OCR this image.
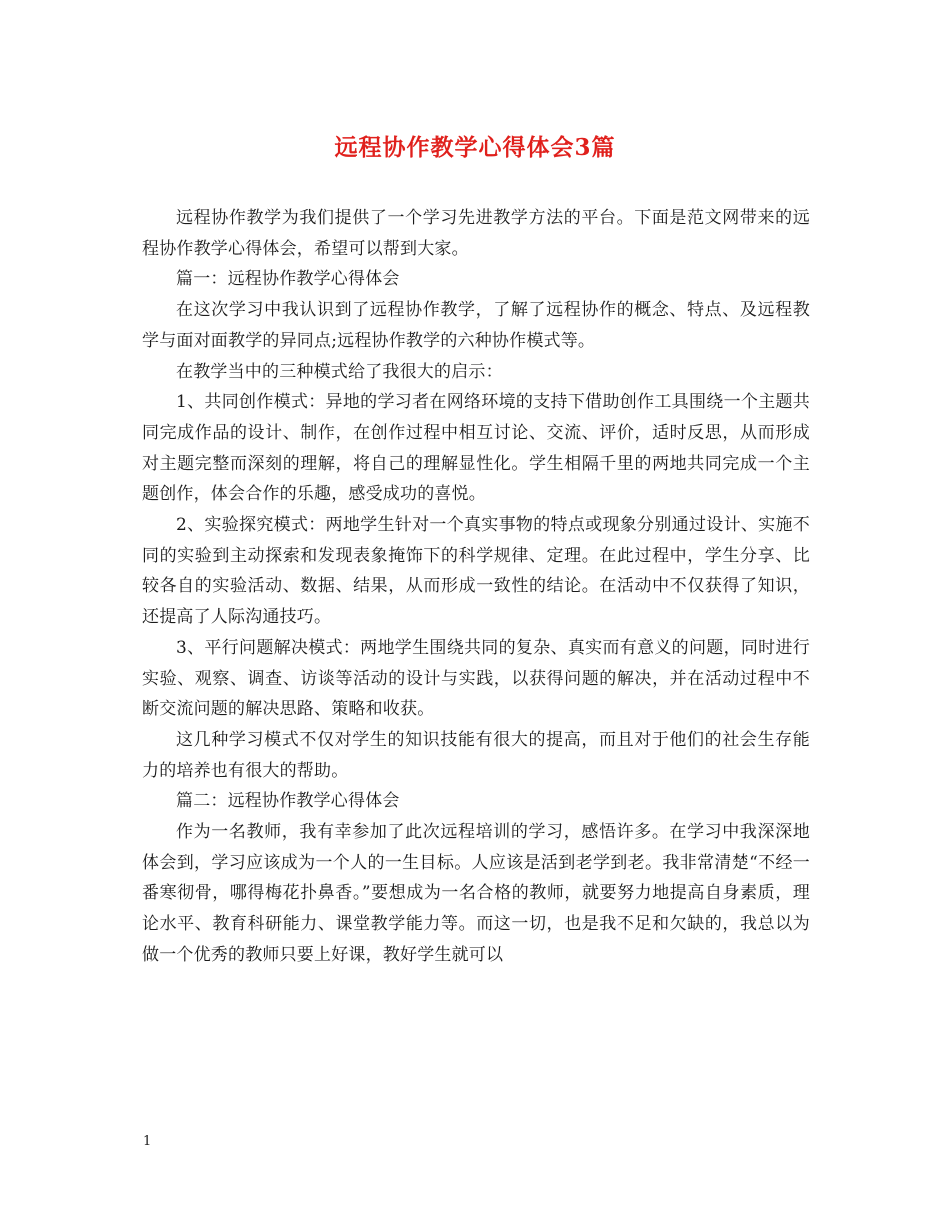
远程协作教学心得体会3篇

远程协作教学为我们提供了一个学习先进教学方法的平台。下面是范文网带来的远程协作教学心得体会，希望可以帮到大家。

篇一：远程协作教学心得体会

在这次学习中我认识到了远程协作教学，了解了远程协作的概念、特点、及远程教学与面对面教学的异同点;远程协作教学的六种协作模式等。

在教学当中的三种模式给了我很大的启示：

1、共同创作模式：异地的学习者在网络环境的支持下借助创作工具围绕一个主题共同完成作品的设计、制作，在创作过程中相互讨论、交流、评价，适时反思，从而形成对主题完整而深刻的理解，将自己的理解显性化。学生相隔千里的两地共同完成一个主题创作，体会合作的乐趣，感受成功的喜悦。

2、实验探究模式：两地学生针对一个真实事物的特点或现象分别通过设计、实施不同的实验到主动探索和发现表象掩饰下的科学规律、定理。在此过程中，学生分享、比较各自的实验活动、数据、结果，从而形成一致性的结论。在活动中不仅获得了知识，还提高了人际沟通技巧。

3、平行问题解决模式：两地学生围绕共同的复杂、真实而有意义的问题，同时进行实验、观察、调查、访谈等活动的设计与实践，以获得问题的解决，并在活动过程中不断交流问题的解决思路、策略和收获。

这几种学习模式不仅对学生的知识技能有很大的提高，而且对于他们的社会生存能力的培养也有很大的帮助。

篇二：远程协作教学心得体会

作为一名教师，我有幸参加了此次远程培训的学习，感悟许多。在学习中我深深地体会到，学习应该成为一个人的一生目标。人应该是活到老学到老。我非常清楚“不经一番寒彻骨，哪得梅花扑鼻香。”要想成为一名合格的教师，就要努力地提高自身素质，理论水平、教育科研能力、课堂教学能力等。而这一切，也是我不足和欠缺的，我总以为做一个优秀的教师只要上好课，教好学生就可以

1
